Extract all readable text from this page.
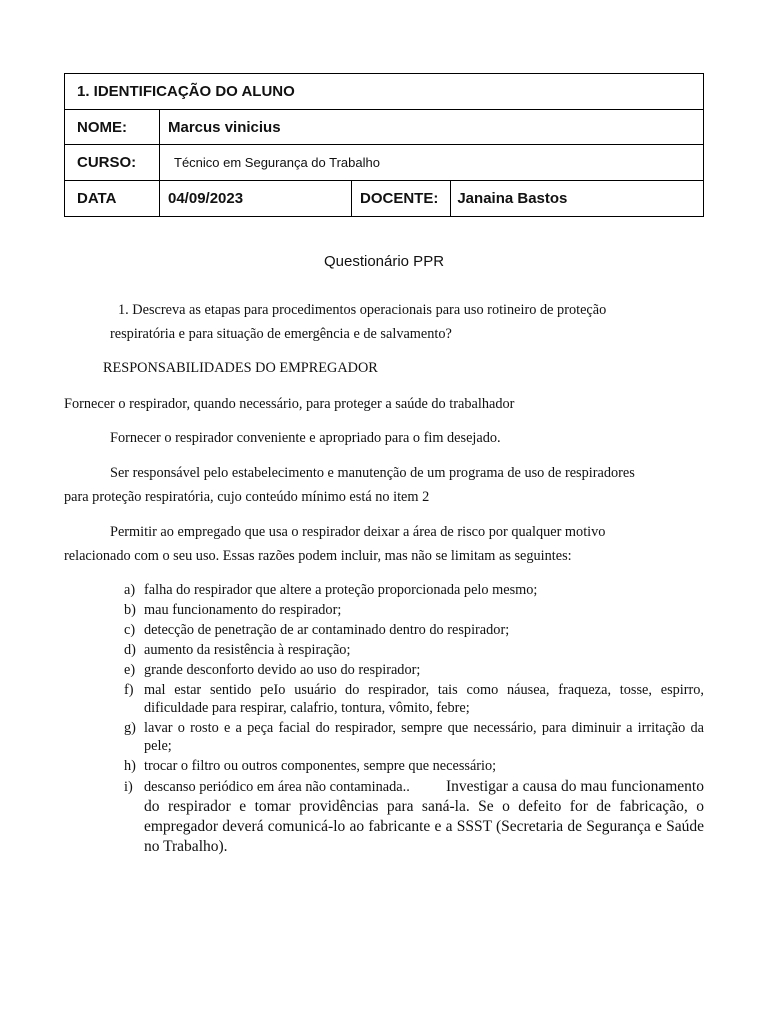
1. IDENTIFICAÇÃO DO ALUNO			
NOME:	Marcus vinicius		
CURSO:	Técnico em Segurança do Trabalho		
DATA	04/09/2023	DOCENTE:	Janaina Bastos
Questionário PPR
1. Descreva as etapas para procedimentos operacionais para uso rotineiro de proteção
respiratória e para situação de emergência e de salvamento?
RESPONSABILIDADES DO EMPREGADOR
Fornecer o respirador, quando necessário, para proteger a saúde do trabalhador
Fornecer o respirador conveniente e apropriado para o fim desejado.
Ser responsável pelo estabelecimento e manutenção de um programa de uso de respiradores
para proteção respiratória, cujo conteúdo mínimo está no item 2
Permitir ao empregado que usa o respirador deixar a área de risco por qualquer motivo
relacionado com o seu uso. Essas razões podem incluir, mas não se limitam as seguintes:
a) falha do respirador que altere a proteção proporcionada pelo mesmo;
b) mau funcionamento do respirador;
c) detecção de penetração de ar contaminado dentro do respirador;
d) aumento da resistência à respiração;
e) grande desconforto devido ao uso do respirador;
f) mal estar sentido peIo usuário do respirador, tais como náusea, fraqueza, tosse, espirro, dificuldade para respirar, calafrio, tontura, vômito, febre;
g) lavar o rosto e a peça facial do respirador, sempre que necessário, para diminuir a irritação da pele;
h) trocar o filtro ou outros componentes, sempre que necessário;
i) descanso periódico em área não contaminada.. Investigar a causa do mau funcionamento do respirador e tomar providências para saná-la. Se o defeito for de fabricação, o empregador deverá comunicá-lo ao fabricante e a SSST (Secretaria de Segurança e Saúde no Trabalho).
